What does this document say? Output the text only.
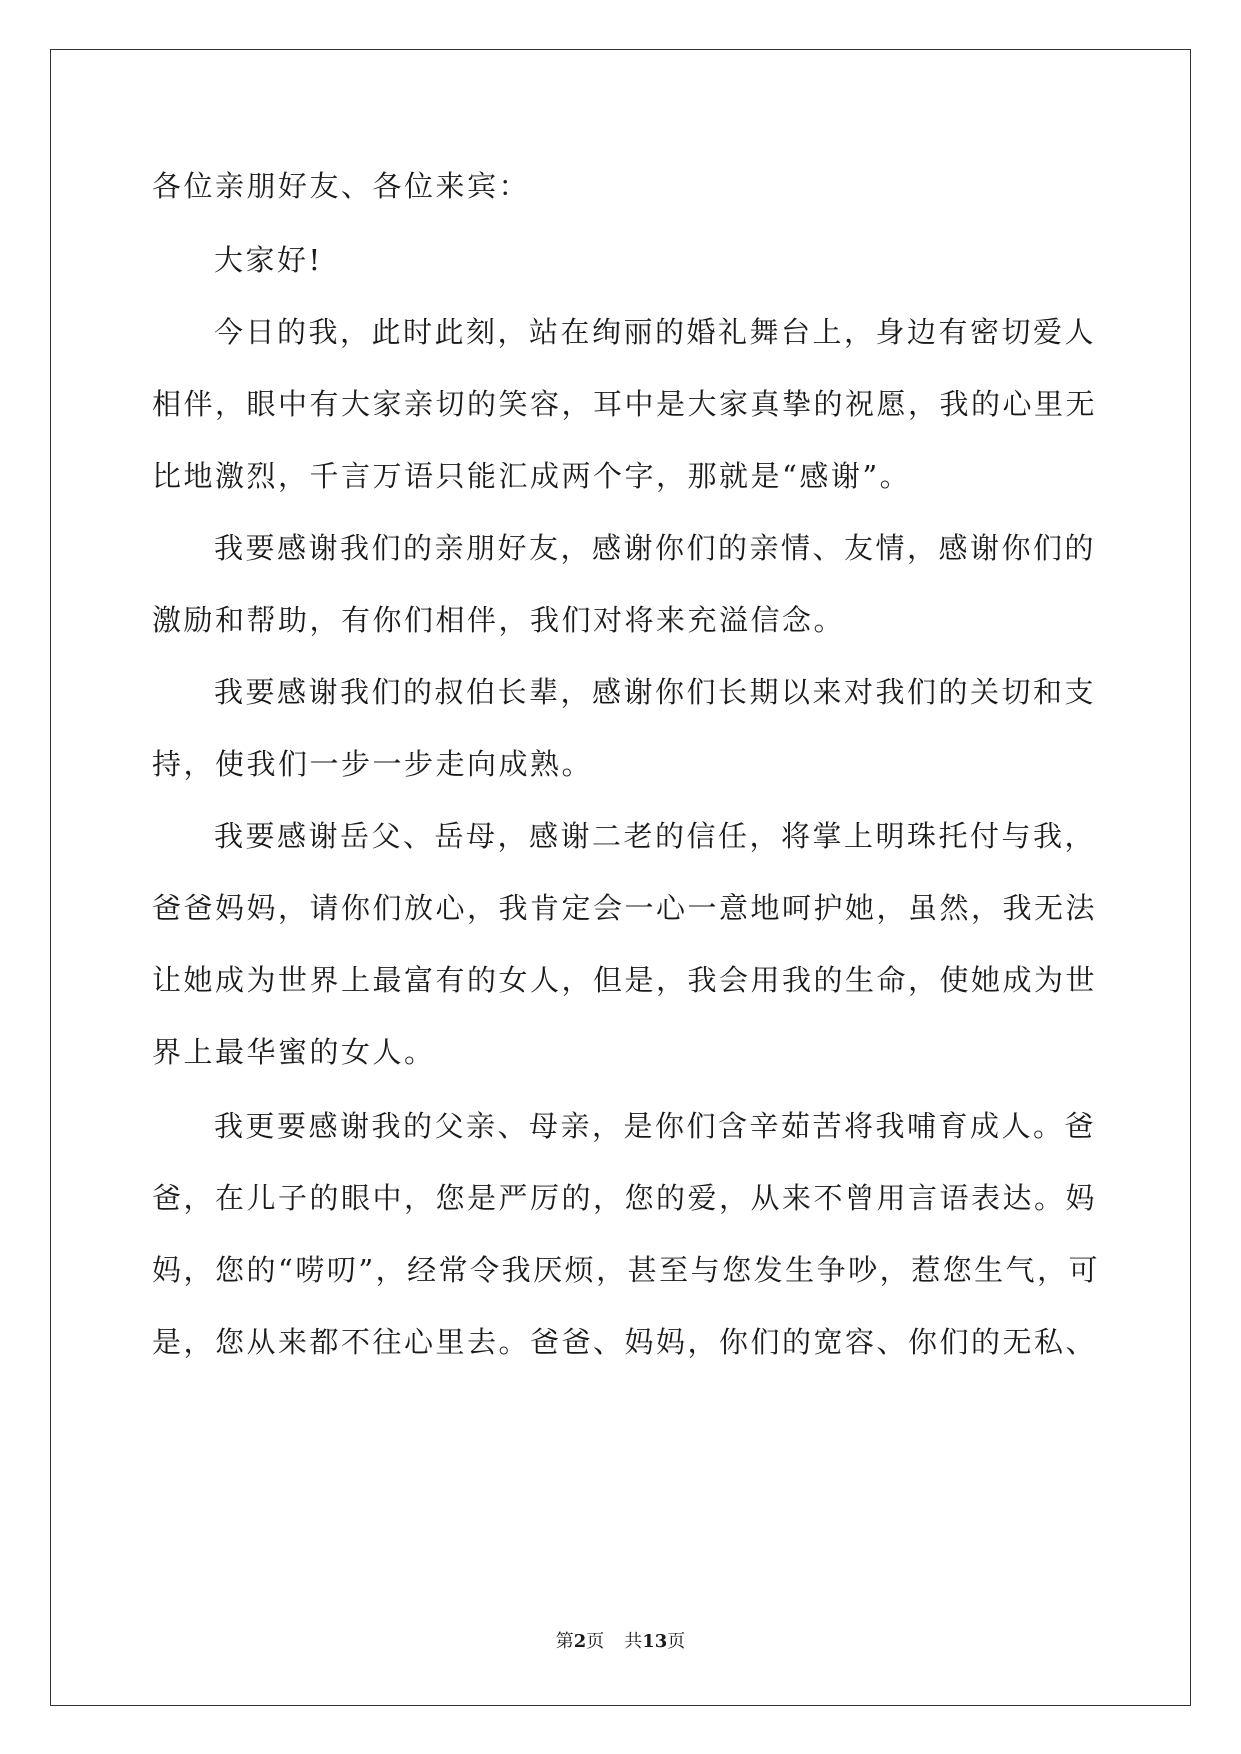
各位亲朋好友、各位来宾：
大家好!
今日的我，此时此刻，站在绚丽的婚礼舞台上，身边有密切爱人
相伴，眼中有大家亲切的笑容，耳中是大家真挚的祝愿，我的心里无
比地激烈，千言万语只能汇成两个字，那就是“感谢”。
我要感谢我们的亲朋好友，感谢你们的亲情、友情，感谢你们的
激励和帮助，有你们相伴，我们对将来充溢信念。
我要感谢我们的叔伯长辈，感谢你们长期以来对我们的关切和支
持，使我们一步一步走向成熟。
我要感谢岳父、岳母，感谢二老的信任，将掌上明珠托付与我，
爸爸妈妈，请你们放心，我肯定会一心一意地呵护她，虽然，我无法
让她成为世界上最富有的女人，但是，我会用我的生命，使她成为世
界上最华蜜的女人。
我更要感谢我的父亲、母亲，是你们含辛茹苦将我哺育成人。爸
爸，在儿子的眼中，您是严厉的，您的爱，从来不曾用言语表达。妈
妈，您的“唠叨”，经常令我厌烦，甚至与您发生争吵，惹您生气，可
是，您从来都不往心里去。爸爸、妈妈，你们的宽容、你们的无私、
第2页 共13页
